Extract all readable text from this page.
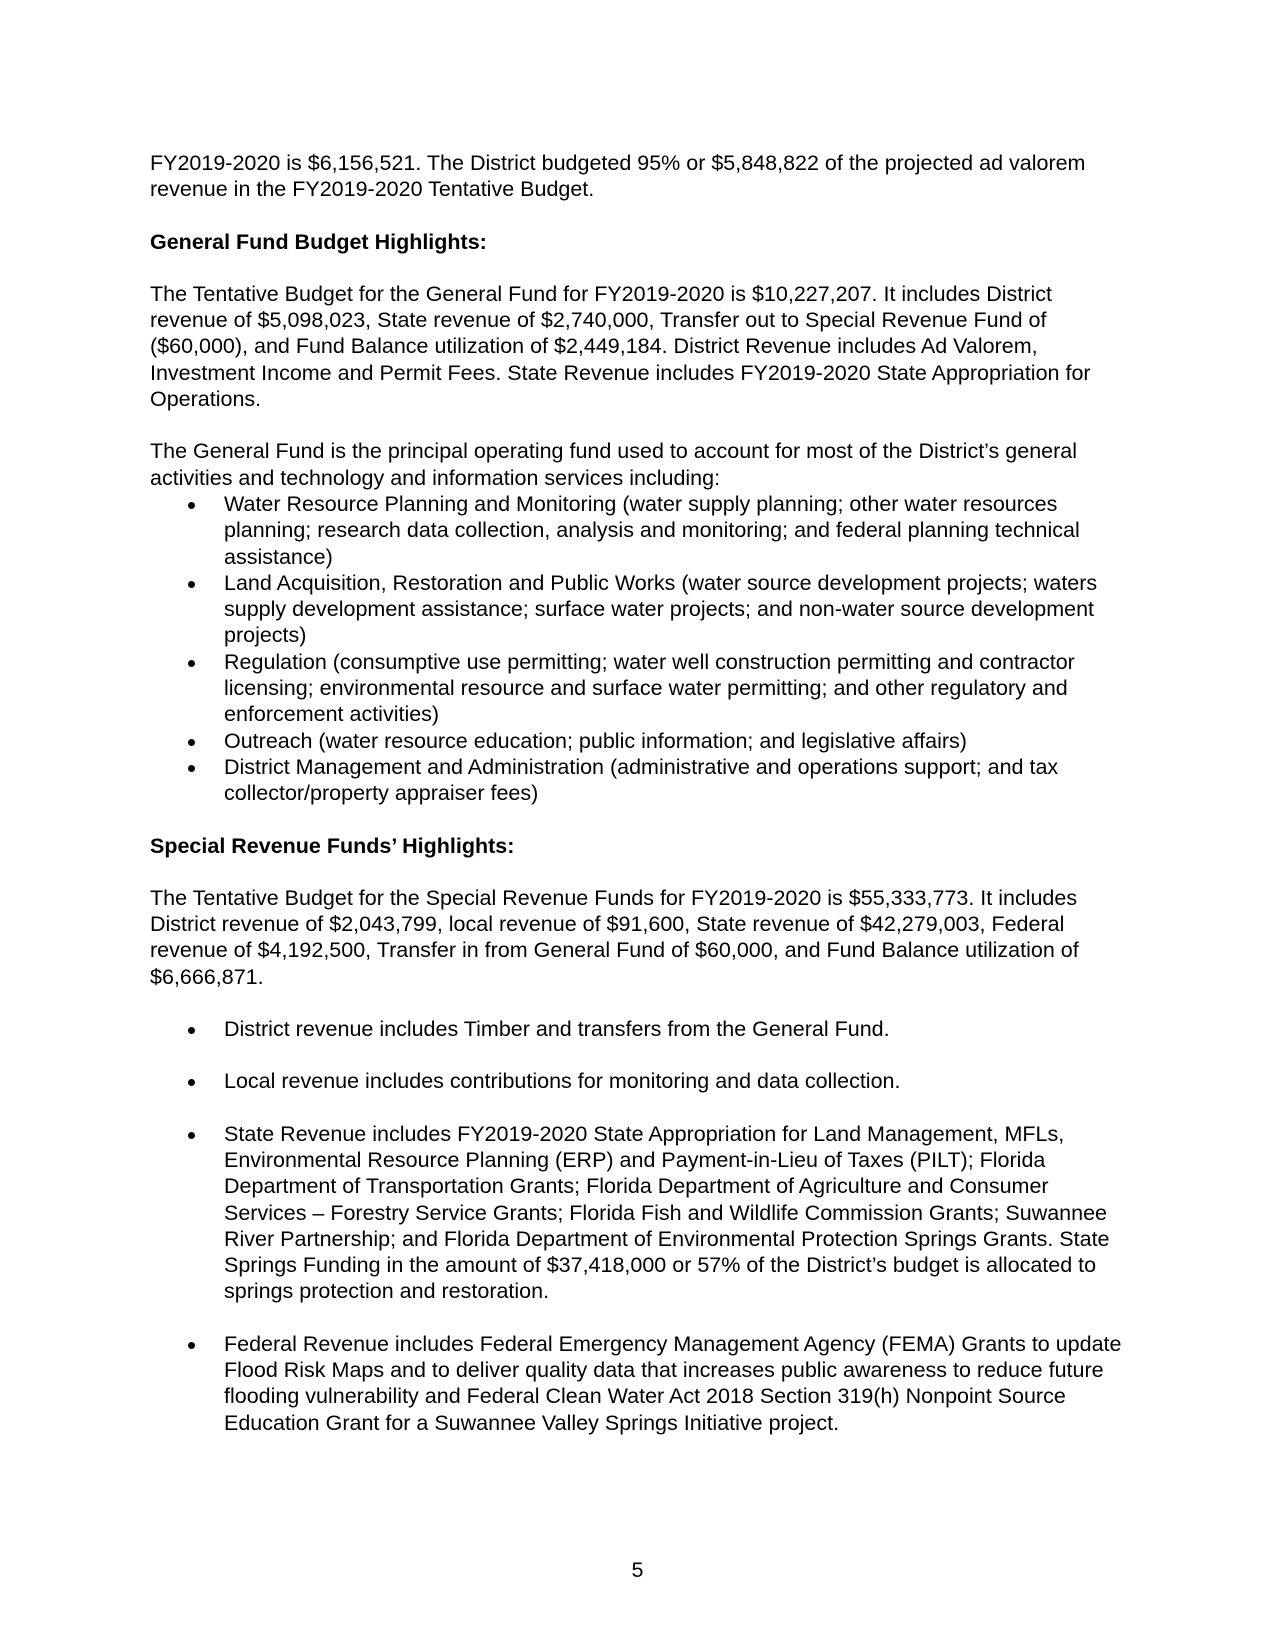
FY2019-2020 is $6,156,521. The District budgeted 95% or $5,848,822 of the projected ad valorem revenue in the FY2019-2020 Tentative Budget.

General Fund Budget Highlights:

The Tentative Budget for the General Fund for FY2019-2020 is $10,227,207. It includes District revenue of $5,098,023, State revenue of $2,740,000, Transfer out to Special Revenue Fund of ($60,000), and Fund Balance utilization of $2,449,184. District Revenue includes Ad Valorem, Investment Income and Permit Fees. State Revenue includes FY2019-2020 State Appropriation for Operations.

The General Fund is the principal operating fund used to account for most of the District’s general activities and technology and information services including:

Water Resource Planning and Monitoring (water supply planning; other water resources planning; research data collection, analysis and monitoring; and federal planning technical assistance)
Land Acquisition, Restoration and Public Works (water source development projects; waters supply development assistance; surface water projects; and non-water source development projects)
Regulation (consumptive use permitting; water well construction permitting and contractor licensing; environmental resource and surface water permitting; and other regulatory and enforcement activities)
Outreach (water resource education; public information; and legislative affairs)
District Management and Administration (administrative and operations support; and tax collector/property appraiser fees)

Special Revenue Funds’ Highlights:

The Tentative Budget for the Special Revenue Funds for FY2019-2020 is $55,333,773. It includes District revenue of $2,043,799, local revenue of $91,600, State revenue of $42,279,003, Federal revenue of $4,192,500, Transfer in from General Fund of $60,000, and Fund Balance utilization of $6,666,871.

District revenue includes Timber and transfers from the General Fund.
Local revenue includes contributions for monitoring and data collection.
State Revenue includes FY2019-2020 State Appropriation for Land Management, MFLs, Environmental Resource Planning (ERP) and Payment-in-Lieu of Taxes (PILT); Florida Department of Transportation Grants; Florida Department of Agriculture and Consumer Services – Forestry Service Grants; Florida Fish and Wildlife Commission Grants; Suwannee River Partnership; and Florida Department of Environmental Protection Springs Grants. State Springs Funding in the amount of $37,418,000 or 57% of the District’s budget is allocated to springs protection and restoration.
Federal Revenue includes Federal Emergency Management Agency (FEMA) Grants to update Flood Risk Maps and to deliver quality data that increases public awareness to reduce future flooding vulnerability and Federal Clean Water Act 2018 Section 319(h) Nonpoint Source Education Grant for a Suwannee Valley Springs Initiative project.
5
